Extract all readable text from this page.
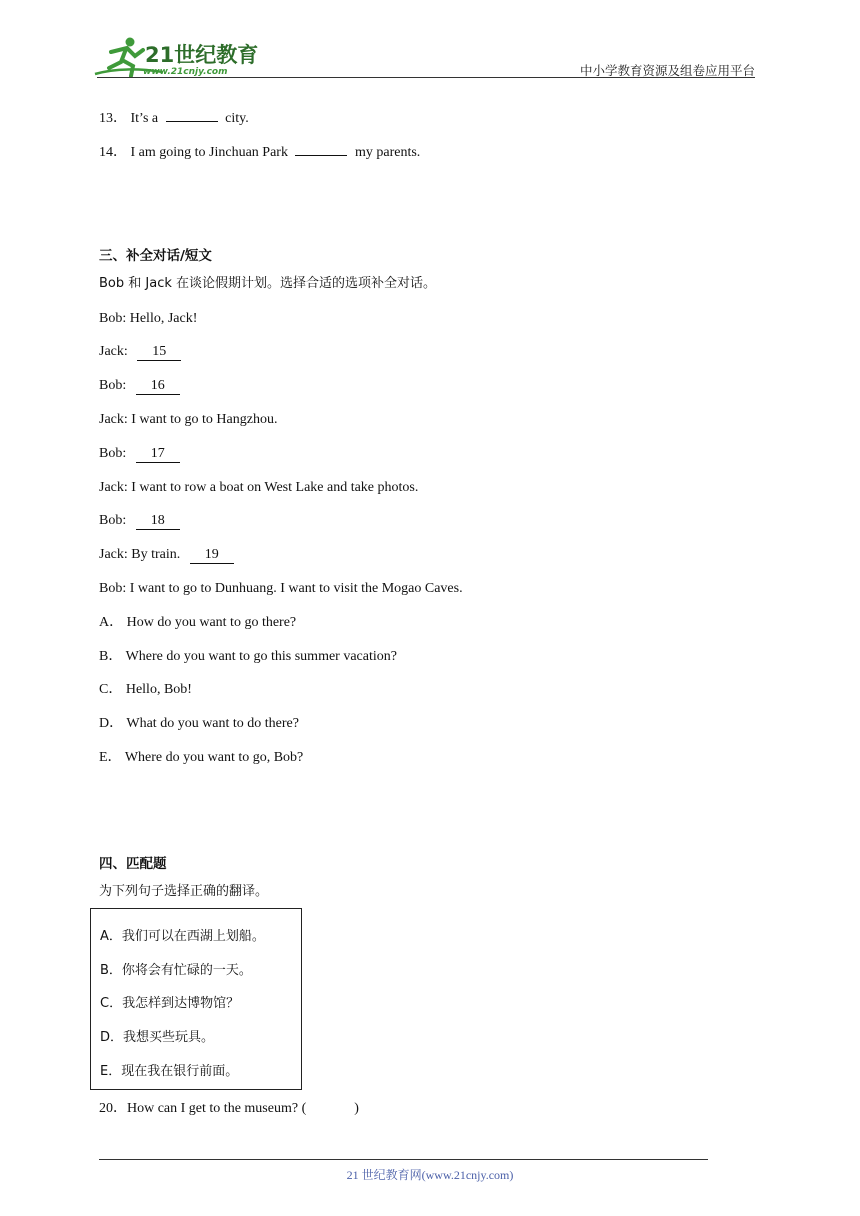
21世纪教育
www.21cnjy.com	中小学教育资源及组卷应用平台
13． It’s a	city.
14． I am going to Jinchuan Park	my parents.
三、补全对话/短文
Bob 和 Jack 在谈论假期计划。选择合适的选项补全对话。
Bob: Hello, Jack!
Jack: 15
Bob: 16
Jack: I want to go to Hangzhou.
Bob: 17
Jack: I want to row a boat on West Lake and take photos.
Bob: 18
Jack: By train. 19
Bob: I want to go to Dunhuang. I want to visit the Mogao Caves.
A． How do you want to go there?
B． Where do you want to go this summer vacation?
C． Hello, Bob!
D． What do you want to do there?
E． Where do you want to go, Bob?
四、匹配题
为下列句子选择正确的翻译。
A．我们可以在西湖上划船。
B．你将会有忙碌的一天。
C．我怎样到达博物馆？
D．我想买些玩具。
E．现在我在银行前面。
20．How can I get to the museum? (	)
21 世纪教育网(www.21cnjy.com)
